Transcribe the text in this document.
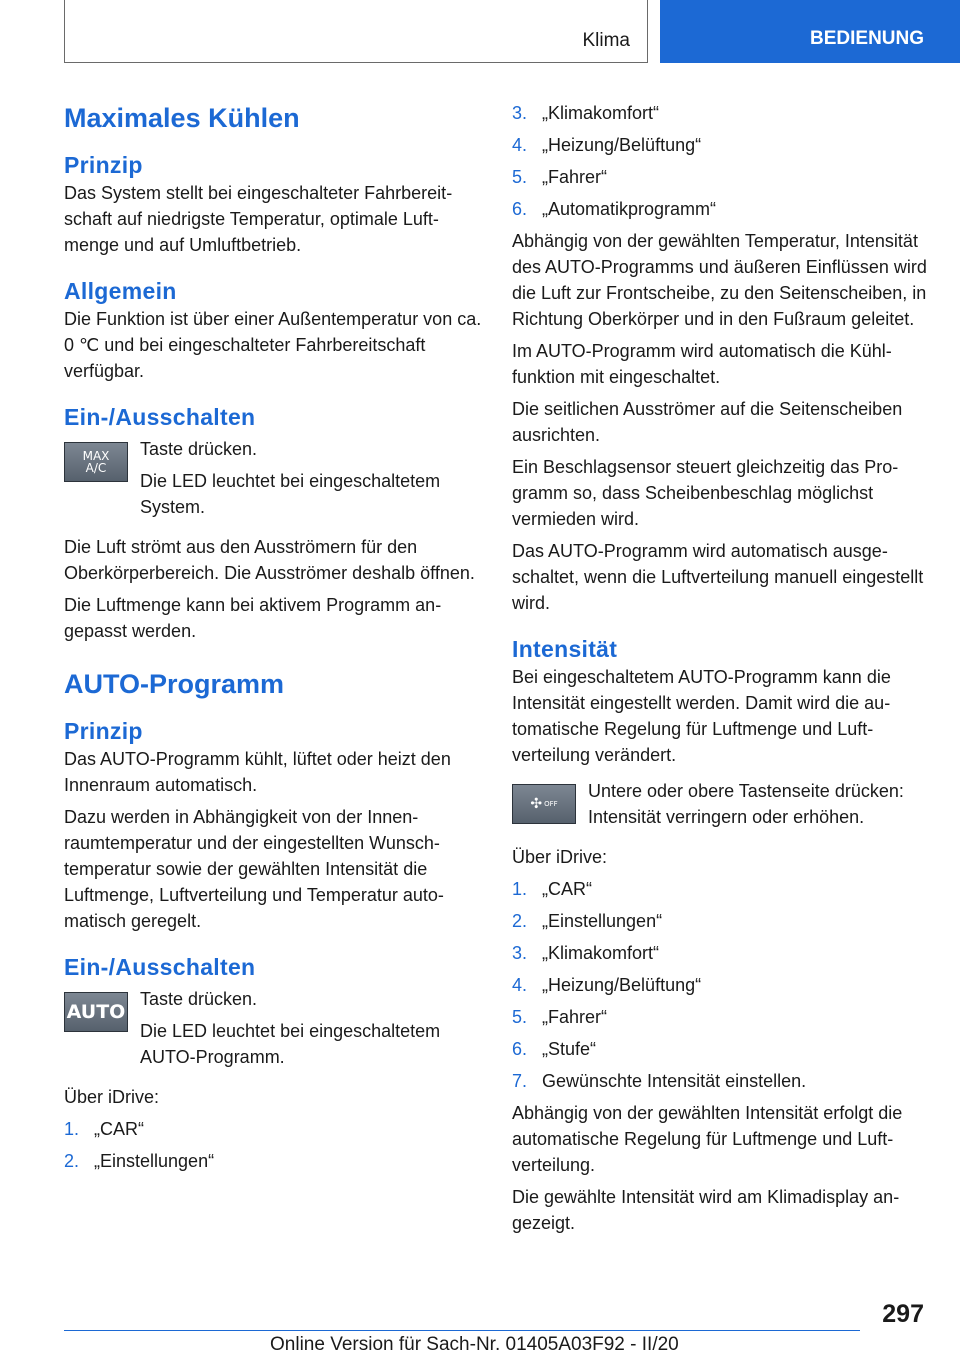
Klima	BEDIENUNG
Maximales Kühlen
Prinzip

Das System stellt bei eingeschalteter Fahrbereitschaft auf niedrigste Temperatur, optimale Luftmenge und auf Umluftbetrieb.

Allgemein

Die Funktion ist über einer Außentemperatur von ca. 0 ℃ und bei eingeschalteter Fahrbereitschaft verfügbar.

Ein-/Ausschalten
MAX
A/C

Taste drücken.

Die LED leuchtet bei eingeschaltetem System.

Die Luft strömt aus den Ausströmern für den Oberkörperbereich. Die Ausströmer deshalb öffnen.

Die Luftmenge kann bei aktivem Programm angepasst werden.

AUTO-Programm
Prinzip

Das AUTO-Programm kühlt, lüftet oder heizt den Innenraum automatisch.

Dazu werden in Abhängigkeit von der Innenraumtemperatur und der eingestellten Wunschtemperatur sowie der gewählten Intensität die Luftmenge, Luftverteilung und Temperatur automatisch geregelt.

Ein-/Ausschalten
AUTO

Taste drücken.

Die LED leuchtet bei eingeschaltetem AUTO-Programm.

Über iDrive:

1. „CAR“
2. „Einstellungen“
3. „Klimakomfort“
4. „Heizung/Belüftung“
5. „Fahrer“
6. „Automatikprogramm“

Abhängig von der gewählten Temperatur, Intensität des AUTO-Programms und äußeren Einflüssen wird die Luft zur Frontscheibe, zu den Seitenscheiben, in Richtung Oberkörper und in den Fußraum geleitet.

Im AUTO-Programm wird automatisch die Kühlfunktion mit eingeschaltet.

Die seitlichen Ausströmer auf die Seitenscheiben ausrichten.

Ein Beschlagsensor steuert gleichzeitig das Programm so, dass Scheibenbeschlag möglichst vermieden wird.

Das AUTO-Programm wird automatisch ausgeschaltet, wenn die Luftverteilung manuell eingestellt wird.

Intensität

Bei eingeschaltetem AUTO-Programm kann die Intensität eingestellt werden. Damit wird die automatische Regelung für Luftmenge und Luftverteilung verändert.

✣ OFF

Untere oder obere Tastenseite drücken: Intensität verringern oder erhöhen.

Über iDrive:

1. „CAR“
2. „Einstellungen“
3. „Klimakomfort“
4. „Heizung/Belüftung“
5. „Fahrer“
6. „Stufe“
7. Gewünschte Intensität einstellen.

Abhängig von der gewählten Intensität erfolgt die automatische Regelung für Luftmenge und Luftverteilung.

Die gewählte Intensität wird am Klimadisplay angezeigt.

297
Online Version für Sach-Nr. 01405A03F92 - II/20
